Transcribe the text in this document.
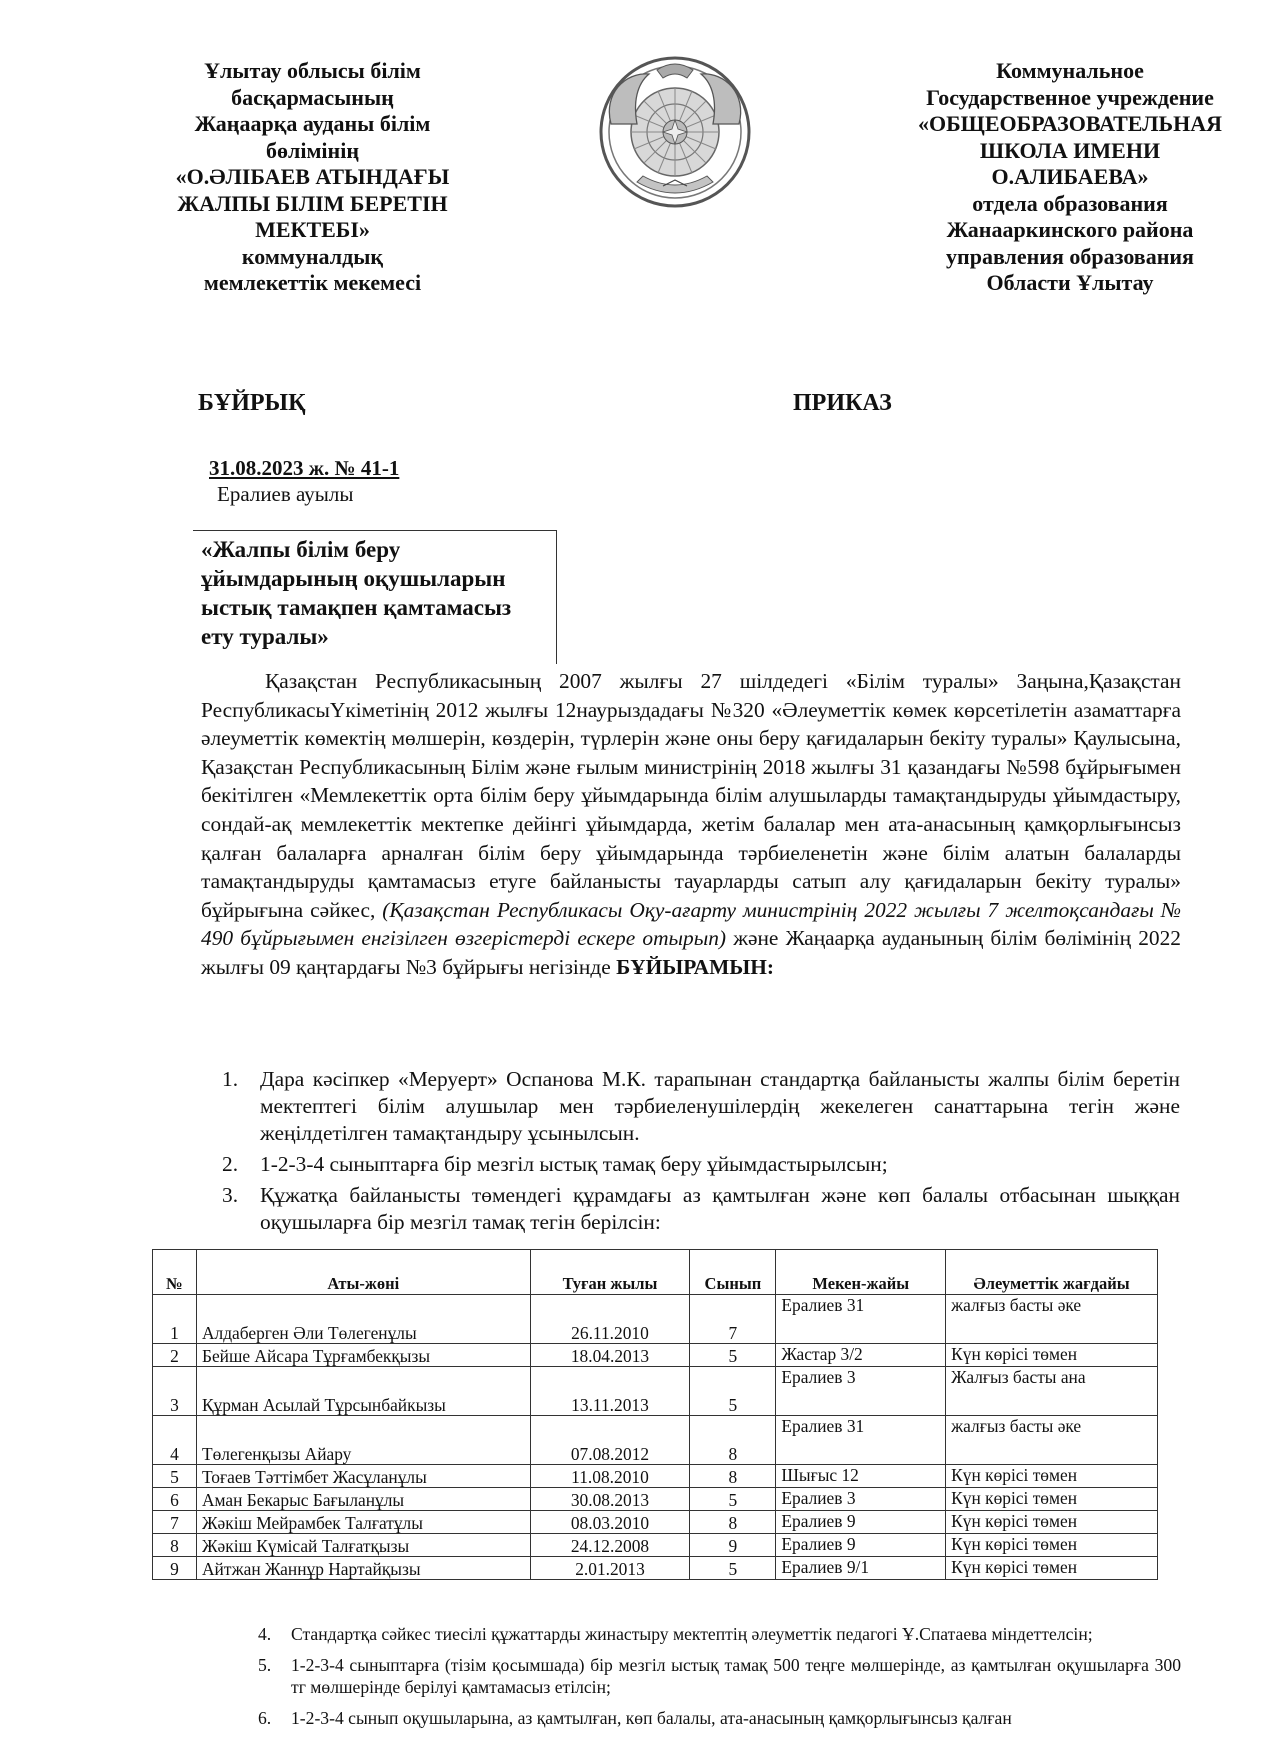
Ұлытау облысы білім
басқармасының
Жаңаарқа ауданы білім
бөлімінің
«О.ӘЛІБАЕВ АТЫНДАҒЫ
ЖАЛПЫ БІЛІМ БЕРЕТІН
МЕКТЕБІ»
коммуналдық
мемлекеттік мекемесі
Коммунальное
Государственное учреждение
«ОБЩЕОБРАЗОВАТЕЛЬНАЯ
ШКОЛА ИМЕНИ
О.АЛИБАЕВА»
отдела образования
Жанааркинского района
управления образования
Области Ұлытау
БҰЙРЫҚ	ПРИКАЗ
31.08.2023 ж. № 41-1
Ералиев ауылы
«Жалпы білім беру
ұйымдарының оқушыларын
ыстық тамақпен қамтамасыз
ету туралы»

Қазақстан Республикасының 2007 жылғы 27 шілдедегі «Білім туралы» Заңына,Қазақстан РеспубликасыҮкіметінің 2012 жылғы 12наурыздадағы №320 «Әлеуметтік көмек көрсетілетін азаматтарға әлеуметтік көмектің мөлшерін, көздерін, түрлерін және оны беру қағидаларын бекіту туралы» Қаулысына, Қазақстан Республикасының Білім және ғылым министрінің 2018 жылғы 31 қазандағы №598 бұйрығымен бекітілген «Мемлекеттік орта білім беру ұйымдарында білім алушыларды тамақтандыруды ұйымдастыру, сондай-ақ мемлекеттік мектепке дейінгі ұйымдарда, жетім балалар мен ата-анасының қамқорлығынсыз қалған балаларға арналған білім беру ұйымдарында тәрбиеленетін және білім алатын балаларды тамақтандыруды қамтамасыз етуге байланысты тауарларды сатып алу қағидаларын бекіту туралы» бұйрығына сәйкес, (Қазақстан Республикасы Оқу-ағарту министрінің 2022 жылғы 7 желтоқсандағы № 490 бұйрығымен енгізілген өзгерістерді ескере отырып) және Жаңаарқа ауданының білім бөлімінің 2022 жылғы 09 қаңтардағы №3 бұйрығы негізінде БҰЙЫРАМЫН:

1. Дара кәсіпкер «Меруерт» Оспанова М.К. тарапынан стандартқа байланысты жалпы білім беретін мектептегі білім алушылар мен тәрбиеленушілердің жекелеген санаттарына тегін және жеңілдетілген тамақтандыру ұсынылсын.
2. 1-2-3-4 сыныптарға бір мезгіл ыстық тамақ беру ұйымдастырылсын;
3. Құжатқа байланысты төмендегі құрамдағы аз қамтылған және көп балалы отбасынан шыққан оқушыларға бір мезгіл тамақ тегін берілсін:
№	Аты-жөні	Туған жылы	Сынып	Мекен-жайы	Әлеуметтік жағдайы
1	Алдаберген Әли Төлегенұлы	26.11.2010	7	Ералиев 31	жалғыз басты әке
2	Бейше Айсара Тұрғамбекқызы	18.04.2013	5	Жастар 3/2	Күн көрісі төмен
3	Құрман Асылай Тұрсынбайкызы	13.11.2013	5	Ералиев 3	Жалғыз басты ана
4	Төлегенқызы Айару	07.08.2012	8	Ералиев 31	жалғыз басты әке
5	Тоғаев Тәттімбет Жасұланұлы	11.08.2010	8	Шығыс 12	Күн көрісі төмен
6	Аман Бекарыс Бағыланұлы	30.08.2013	5	Ералиев 3	Күн көрісі төмен
7	Жәкіш Мейрамбек Талғатұлы	08.03.2010	8	Ералиев 9	Күн көрісі төмен
8	Жәкіш Күмісай Талғатқызы	24.12.2008	9	Ералиев 9	Күн көрісі төмен
9	Айтжан Жаннұр Нартайқызы	2.01.2013	5	Ералиев 9/1	Күн көрісі төмен
4. Стандартқа сәйкес тиесілі құжаттарды жинастыру мектептің әлеуметтік педагогі Ұ.Спатаева міндеттелсін;
5. 1-2-3-4 сыныптарға (тізім қосымшада) бір мезгіл ыстық тамақ 500 теңге мөлшерінде, аз қамтылған оқушыларға 300 тг мөлшерінде берілуі қамтамасыз етілсін;
6. 1-2-3-4 сынып оқушыларына, аз қамтылған, көп балалы, ата-анасының қамқорлығынсыз қалған
